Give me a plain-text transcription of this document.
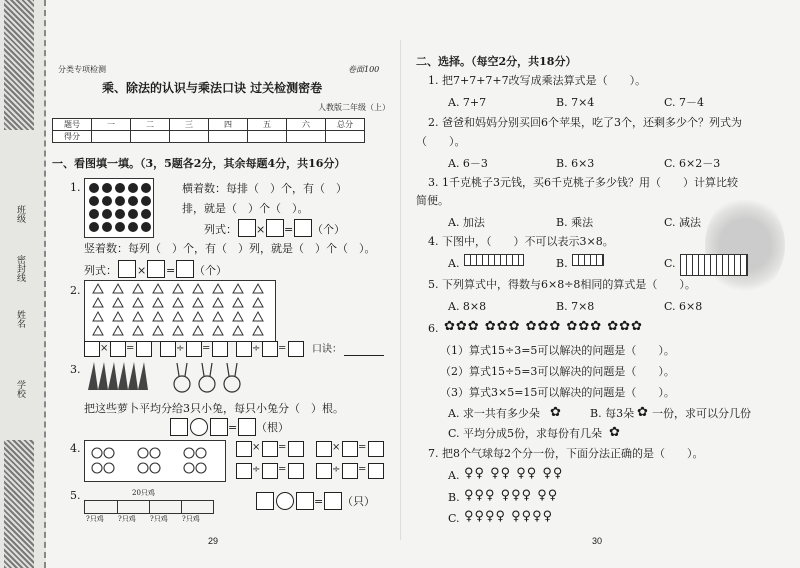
班级
密封线
姓名
学校
分类专项检测	卷面100
乘、除法的认识与乘法口诀 过关检测密卷
人教版二年级（上）
题号	一	二	三	四	五	六	总分
得分							
一、看图填一填。（3，5题各2分，其余每题4分，共16分）
1.	横着数：每排（　）个，有（　）
排，就是（　）个（　）。
列式： × = （个）
竖着数：每列（　）个，有（　）列，就是（　）个（　）。
列式： × = （个）
2.
× =	÷ =	÷ =	口诀：
3.
把这些萝卜平均分给3只小兔，每只小兔分（　）根。
= （根）
4.	× =	× =
÷ =	÷ =
5.	20只鸡
?只鸡 ?只鸡 ?只鸡 ?只鸡
= （只）
29
二、选择。（每空2分，共18分）
1. 把7+7+7+7改写成乘法算式是（　　）。
A. 7+7	B. 7×4	C. 7－4
2. 爸爸和妈妈分别买回6个苹果，吃了3个，还剩多少个？列式为
（　　）。
A. 6－3	B. 6×3	C. 6×2－3
3. 1千克桃子3元钱，买6千克桃子多少钱？用（　　）计算比较
简便。
A. 加法	B. 乘法	C. 减法
4. 下图中，（　　）不可以表示3×8。
A.	B.	C.
5. 下列算式中，得数与6×8÷8相同的算式是（　　）。
A. 8×8	B. 7×8	C. 6×8
6. ✿✿✿ ✿✿✿ ✿✿✿ ✿✿✿ ✿✿✿
（1）算式15÷3=5可以解决的问题是（　　）。
（2）算式15÷5=3可以解决的问题是（　　）。
（3）算式3×5=15可以解决的问题是（　　）。
A. 求一共有多少朵 ✿	B. 每3朵 ✿ 一份，求可以分几份
C. 平均分成5份，求每份有几朵 ✿
7. 把8个气球每2个分一份，下面分法正确的是（　　）。
A. ♀♀ ♀♀ ♀♀ ♀♀
B. ♀♀♀ ♀♀♀ ♀♀
C. ♀♀♀♀ ♀♀♀♀
30
